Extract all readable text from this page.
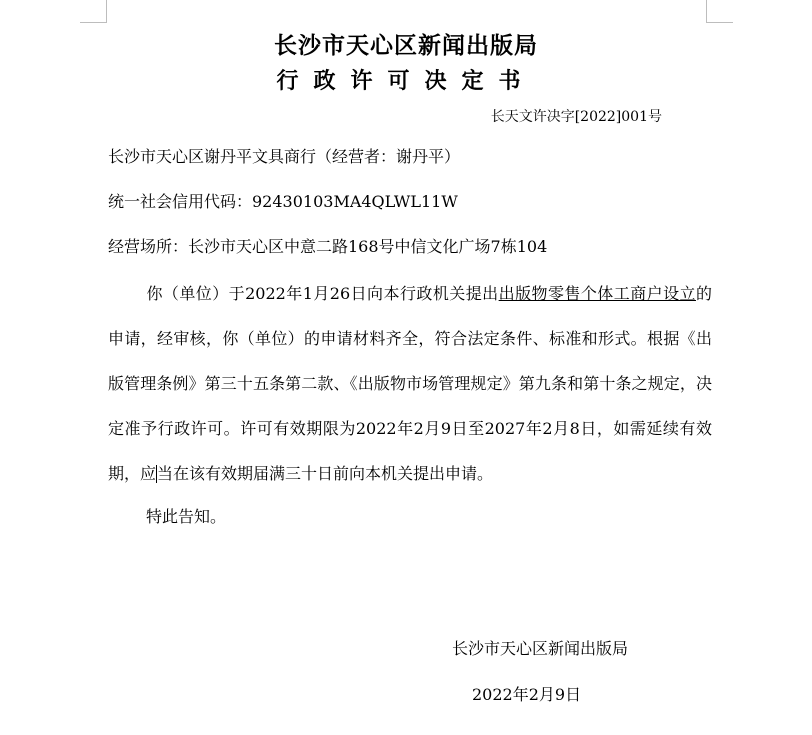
长沙市天心区新闻出版局
行政许可决定书
长天文许决字[2022]001号
长沙市天心区谢丹平文具商行（经营者：谢丹平）
统一社会信用代码：92430103MA4QLWL11W
经营场所：长沙市天心区中意二路168号中信文化广场7栋104
你（单位）于2022年1月26日向本行政机关提出出版物零售个体工商户设立的申请，经审核，你（单位）的申请材料齐全，符合法定条件、标准和形式。根据《出版管理条例》第三十五条第二款、《出版物市场管理规定》第九条和第十条之规定，决定准予行政许可。许可有效期限为2022年2月9日至2027年2月8日，如需延续有效期，应当在该有效期届满三十日前向本机关提出申请。
特此告知。
长沙市天心区新闻出版局
2022年2月9日
